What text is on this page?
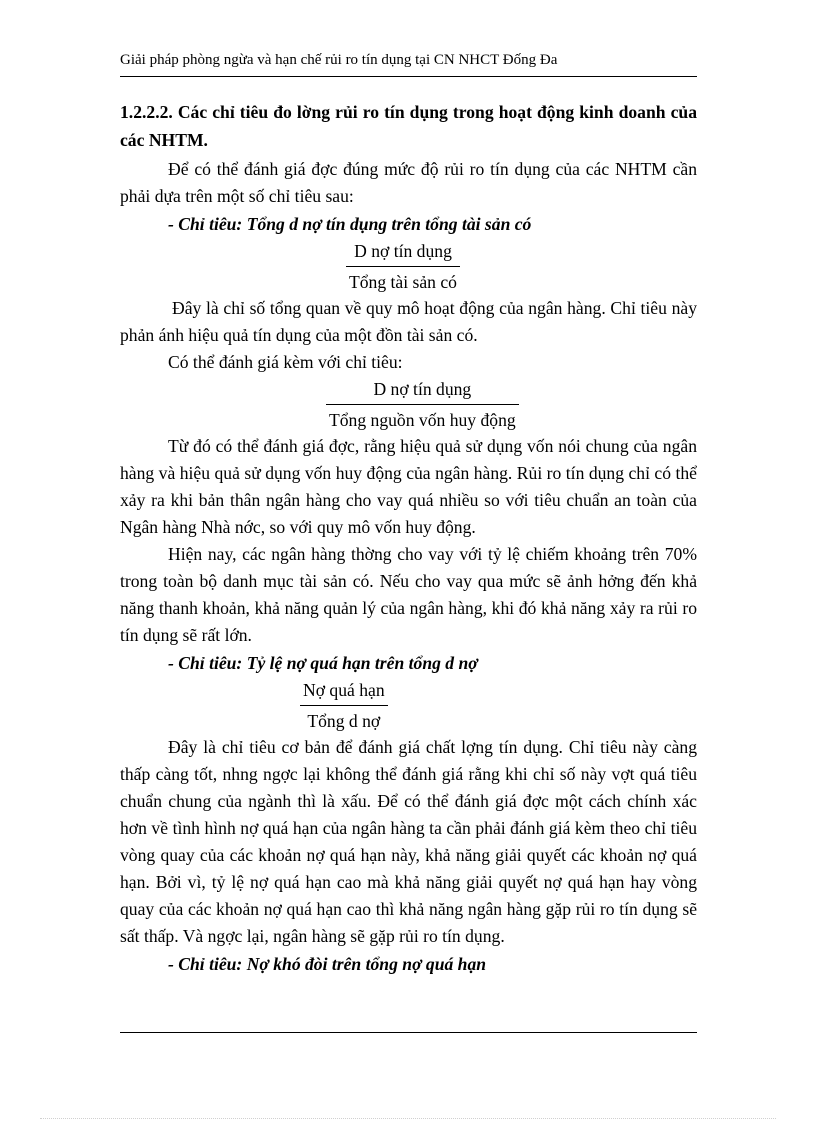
Giải pháp phòng ngừa và hạn chế rủi ro tín dụng tại CN NHCT Đống Đa

1.2.2.2. Các chỉ tiêu đo lờng rủi ro tín dụng trong hoạt động kinh doanh của các NHTM.

Để có thể đánh giá đợc đúng mức độ rủi ro tín dụng của các NHTM cần phải dựa trên một số chỉ tiêu sau:

- Chỉ tiêu: Tổng d nợ tín dụng trên tổng tài sản có

$\frac{\text{D nợ tín dụng}}{\text{Tổng tài sản có}}$

Đây là chỉ số tổng quan về quy mô hoạt động của ngân hàng. Chỉ tiêu này phản ánh hiệu quả tín dụng của một đồn tài sản có.

Có thể đánh giá kèm với chỉ tiêu:

$\frac{\text{D nợ tín dụng}}{\text{Tổng nguồn vốn huy động}}$

Từ đó có thể đánh giá đợc, rằng hiệu quả sử dụng vốn nói chung của ngân hàng và hiệu quả sử dụng vốn huy động của ngân hàng. Rủi ro tín dụng chỉ có thể xảy ra khi bản thân ngân hàng cho vay quá nhiều so với tiêu chuẩn an toàn của Ngân hàng Nhà nớc, so với quy mô vốn huy động.

Hiện nay, các ngân hàng thờng cho vay với tỷ lệ chiếm khoảng trên 70% trong toàn bộ danh mục tài sản có. Nếu cho vay qua mức sẽ ảnh hởng đến khả năng thanh khoản, khả năng quản lý của ngân hàng, khi đó khả năng xảy ra rủi ro tín dụng sẽ rất lớn.

- Chỉ tiêu: Tỷ lệ nợ quá hạn trên tổng d nợ

$\frac{\text{Nợ quá hạn}}{\text{Tổng d nợ}}$

Đây là chỉ tiêu cơ bản để đánh giá chất lợng tín dụng. Chỉ tiêu này càng thấp càng tốt, nhng ngợc lại không thể đánh giá rằng khi chỉ số này vợt quá tiêu chuẩn chung của ngành thì là xấu. Để có thể đánh giá đợc một cách chính xác hơn về tình hình nợ quá hạn của ngân hàng ta cần phải đánh giá kèm theo chỉ tiêu vòng quay của các khoản nợ quá hạn này, khả năng giải quyết các khoản nợ quá hạn. Bởi vì, tỷ lệ nợ quá hạn cao mà khả năng giải quyết nợ quá hạn hay vòng quay của các khoản nợ quá hạn cao thì khả năng ngân hàng gặp rủi ro tín dụng sẽ sất thấp. Và ngợc lại, ngân hàng sẽ gặp rủi ro tín dụng.

- Chỉ tiêu: Nợ khó đòi trên tổng nợ quá hạn
